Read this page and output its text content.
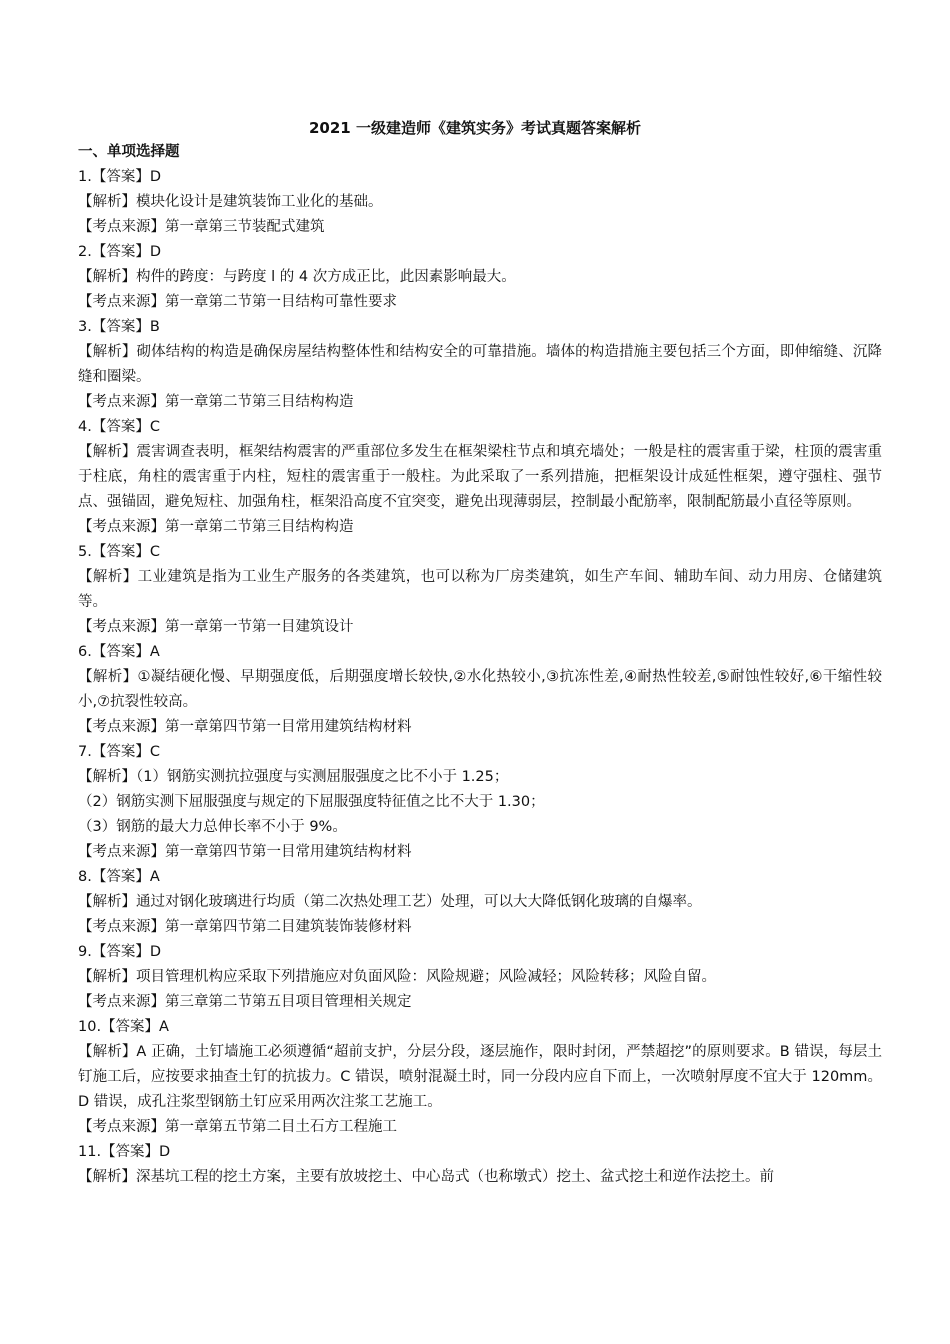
2021 一级建造师《建筑实务》考试真题答案解析
一、单项选择题
1.【答案】D
【解析】模块化设计是建筑装饰工业化的基础。
【考点来源】第一章第三节装配式建筑
2.【答案】D
【解析】构件的跨度：与跨度 l 的 4 次方成正比，此因素影响最大。
【考点来源】第一章第二节第一目结构可靠性要求
3.【答案】B
【解析】砌体结构的构造是确保房屋结构整体性和结构安全的可靠措施。墙体的构造措施主要包括三个方面，即伸缩缝、沉降缝和圈梁。
【考点来源】第一章第二节第三目结构构造
4.【答案】C
【解析】震害调查表明，框架结构震害的严重部位多发生在框架梁柱节点和填充墙处；一般是柱的震害重于梁，柱顶的震害重于柱底，角柱的震害重于内柱，短柱的震害重于一般柱。为此采取了一系列措施，把框架设计成延性框架，遵守强柱、强节点、强锚固，避免短柱、加强角柱，框架沿高度不宜突变，避免出现薄弱层，控制最小配筋率，限制配筋最小直径等原则。
【考点来源】第一章第二节第三目结构构造
5.【答案】C
【解析】工业建筑是指为工业生产服务的各类建筑，也可以称为厂房类建筑，如生产车间、辅助车间、动力用房、仓储建筑等。
【考点来源】第一章第一节第一目建筑设计
6.【答案】A
【解析】①凝结硬化慢、早期强度低，后期强度增长较快,②水化热较小,③抗冻性差,④耐热性较差,⑤耐蚀性较好,⑥干缩性较小,⑦抗裂性较高。
【考点来源】第一章第四节第一目常用建筑结构材料
7.【答案】C
【解析】（1）钢筋实测抗拉强度与实测屈服强度之比不小于 1.25；
（2）钢筋实测下屈服强度与规定的下屈服强度特征值之比不大于 1.30；
（3）钢筋的最大力总伸长率不小于 9%。
【考点来源】第一章第四节第一目常用建筑结构材料
8.【答案】A
【解析】通过对钢化玻璃进行均质（第二次热处理工艺）处理，可以大大降低钢化玻璃的自爆率。
【考点来源】第一章第四节第二目建筑装饰装修材料
9.【答案】D
【解析】项目管理机构应采取下列措施应对负面风险：风险规避；风险减轻；风险转移；风险自留。
【考点来源】第三章第二节第五目项目管理相关规定
10.【答案】A
【解析】A 正确，土钉墙施工必须遵循“超前支护，分层分段，逐层施作，限时封闭，严禁超挖”的原则要求。B 错误，每层土钉施工后，应按要求抽查土钉的抗拔力。C 错误，喷射混凝土时，同一分段内应自下而上，一次喷射厚度不宜大于 120mm。D 错误，成孔注浆型钢筋土钉应采用两次注浆工艺施工。
【考点来源】第一章第五节第二目土石方工程施工
11.【答案】D
【解析】深基坑工程的挖土方案，主要有放坡挖土、中心岛式（也称墩式）挖土、盆式挖土和逆作法挖土。前
